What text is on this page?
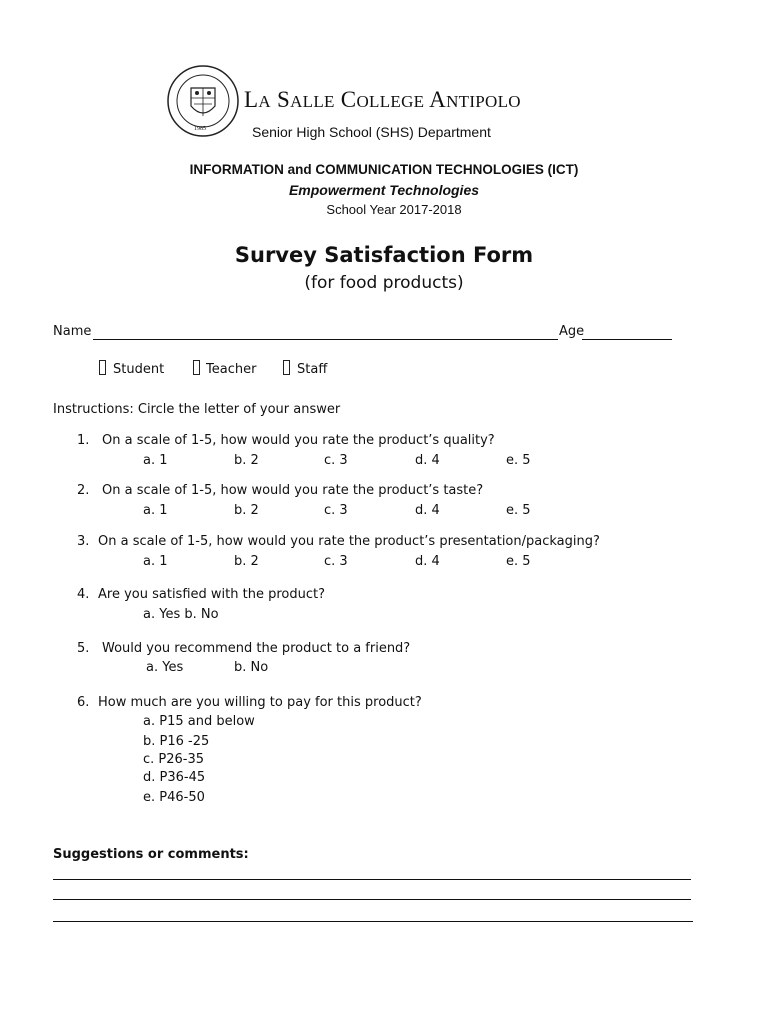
1985
LA SALLE COLLEGE ANTIPOLO
Senior High School (SHS) Department
INFORMATION and COMMUNICATION TECHNOLOGIES (ICT)
Empowerment Technologies
School Year 2017-2018
Survey Satisfaction Form
(for food products)
Name	Age
Student	Teacher	Staff
Instructions: Circle the letter of your answer
1. On a scale of 1-5, how would you rate the product’s quality?
a. 1	b. 2	c. 3	d. 4	e. 5
2. On a scale of 1-5, how would you rate the product’s taste?
a. 1	b. 2	c. 3	d. 4	e. 5
3. On a scale of 1-5, how would you rate the product’s presentation/packaging?
a. 1	b. 2	c. 3	d. 4	e. 5
4. Are you satisfied with the product?
a. Yes b. No
5. Would you recommend the product to a friend?
a. Yes	b. No
6. How much are you willing to pay for this product?
a. P15 and below
b. P16 -25
c. P26-35
d. P36-45
e. P46-50
Suggestions or comments:
